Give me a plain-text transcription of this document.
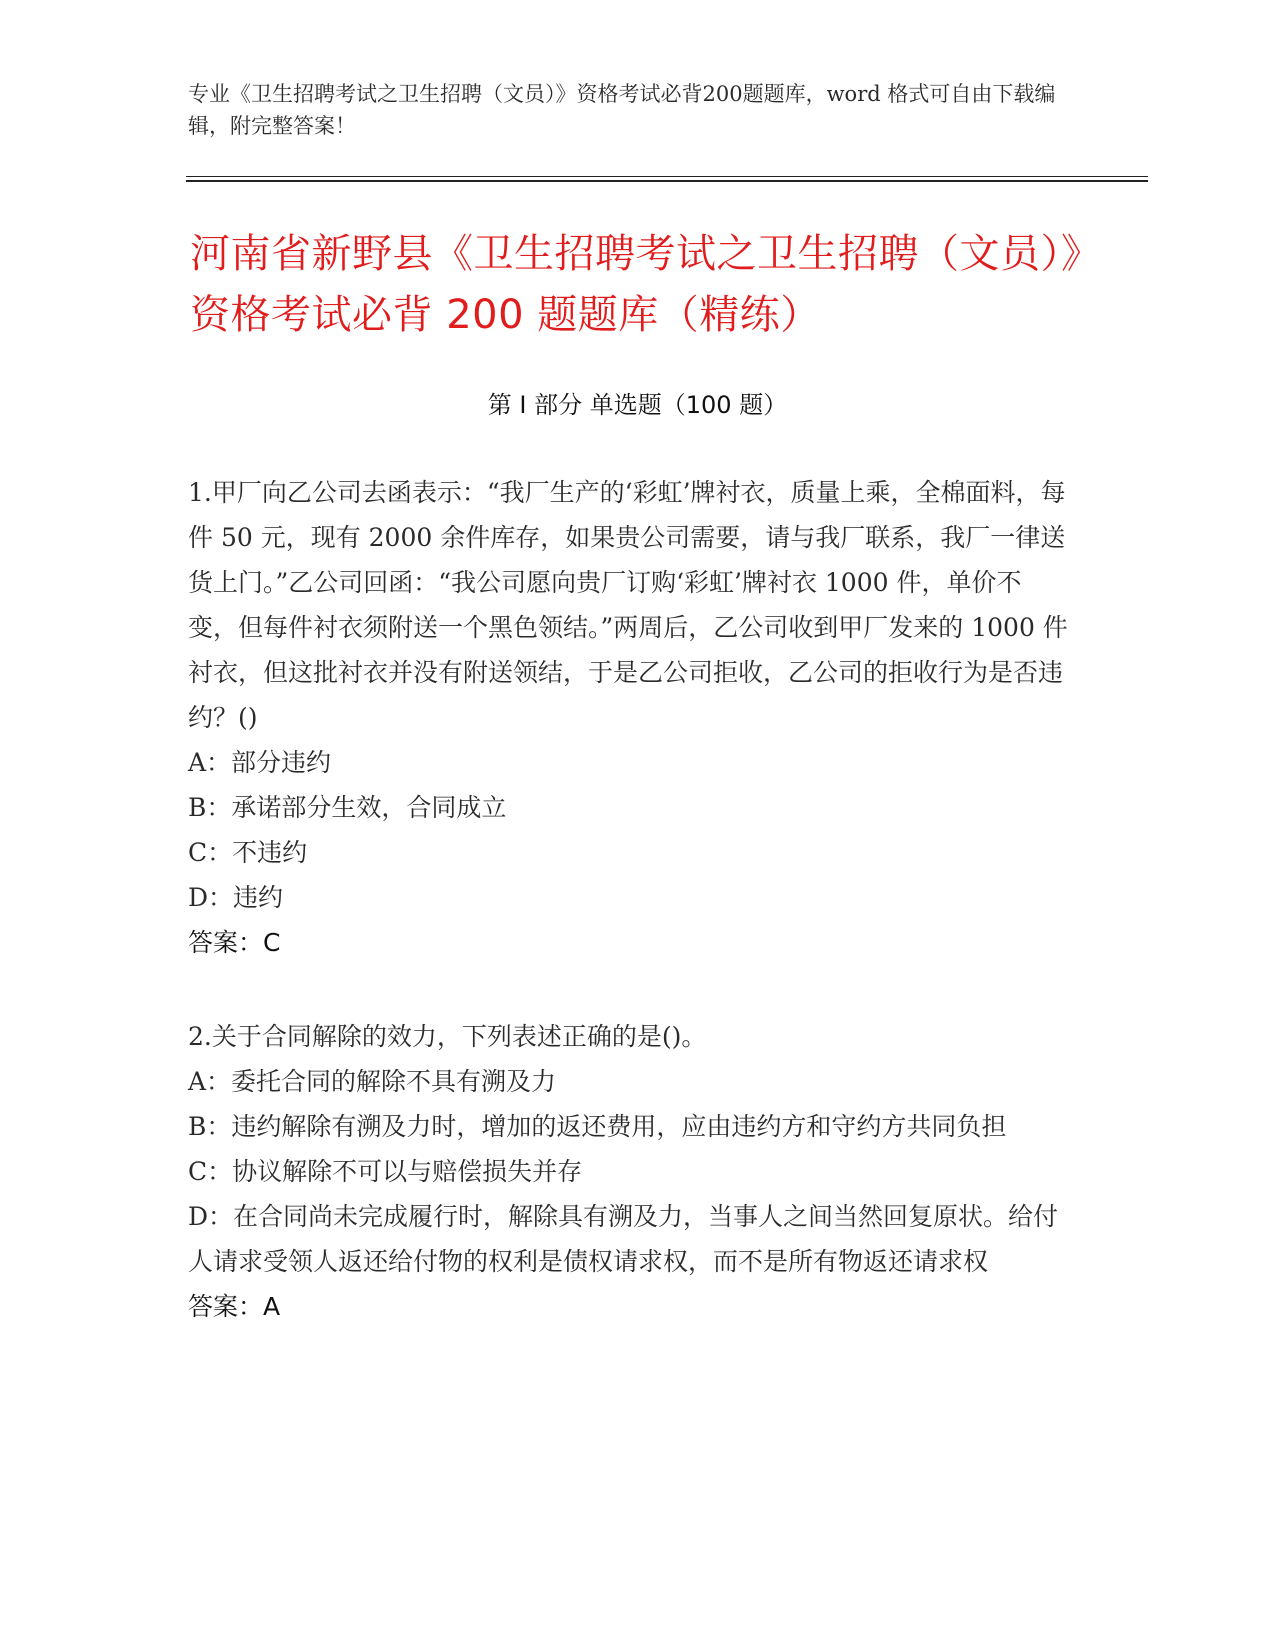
专业《卫生招聘考试之卫生招聘（文员）》资格考试必背200题题库，word 格式可自由下载编辑，附完整答案！
河南省新野县《卫生招聘考试之卫生招聘（文员）》资格考试必背 200 题题库（精练）
第 I 部分 单选题（100 题）

1.甲厂向乙公司去函表示：“我厂生产的‘彩虹’牌衬衣，质量上乘，全棉面料，每件 50 元，现有 2000 余件库存，如果贵公司需要，请与我厂联系，我厂一律送货上门。”乙公司回函：“我公司愿向贵厂订购‘彩虹’牌衬衣 1000 件，单价不变，但每件衬衣须附送一个黑色领结。”两周后，乙公司收到甲厂发来的 1000 件衬衣，但这批衬衣并没有附送领结，于是乙公司拒收，乙公司的拒收行为是否违约？()

A：部分违约

B：承诺部分生效，合同成立

C：不违约

D：违约

答案：C

2.关于合同解除的效力，下列表述正确的是()。

A：委托合同的解除不具有溯及力

B：违约解除有溯及力时，增加的返还费用，应由违约方和守约方共同负担

C：协议解除不可以与赔偿损失并存

D：在合同尚未完成履行时，解除具有溯及力，当事人之间当然回复原状。给付人请求受领人返还给付物的权利是债权请求权，而不是所有物返还请求权

答案：A
